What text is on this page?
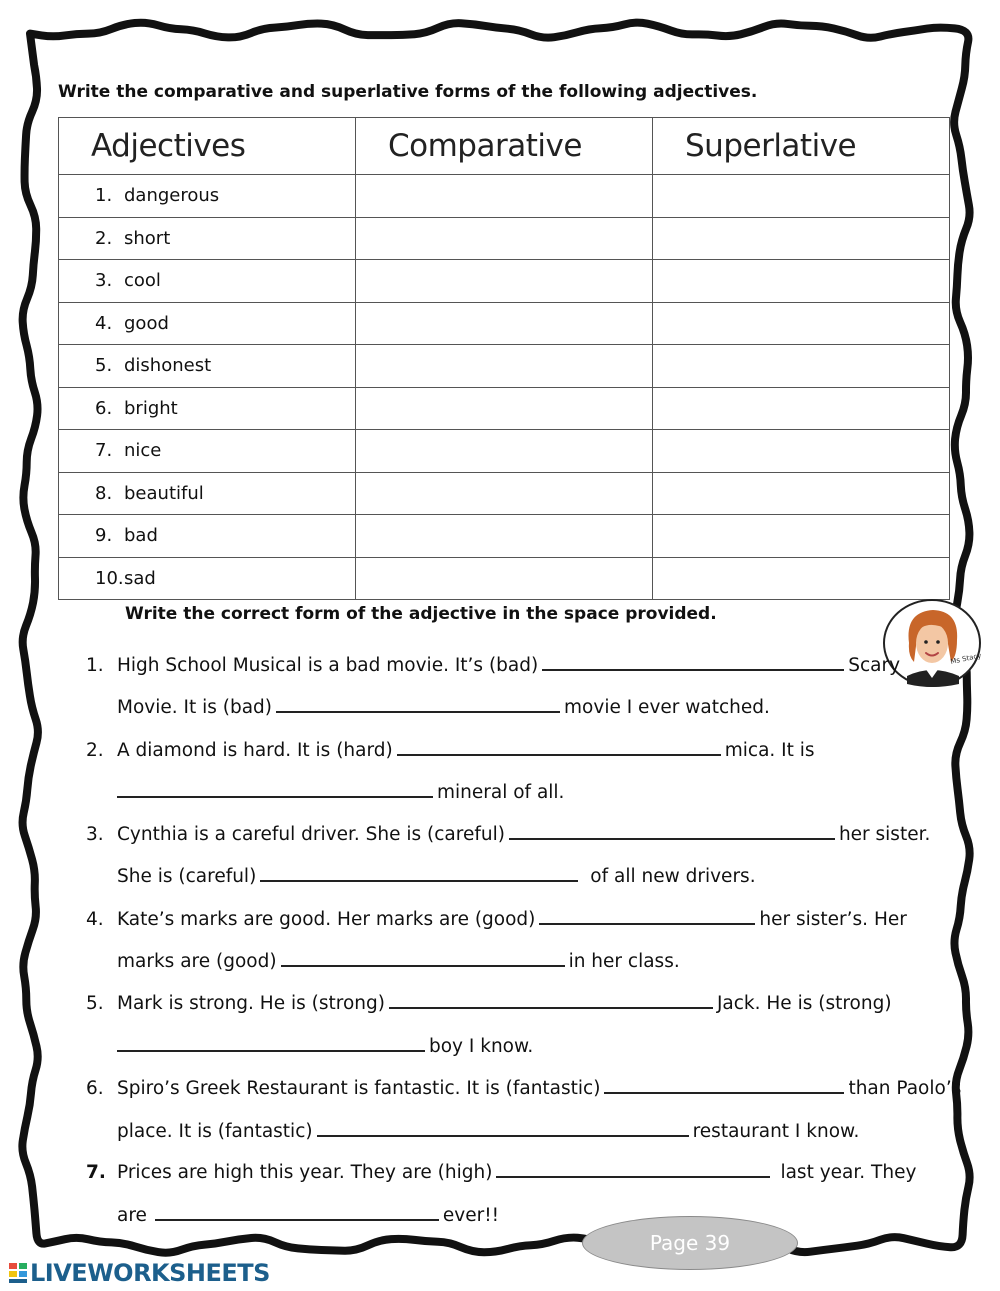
Write the comparative and superlative forms of the following adjectives.
Adjectives	Comparative	Superlative
1. dangerous		
2. short		
3. cool		
4. good		
5. dishonest		
6. bright		
7. nice		
8. beautiful		
9. bad		
10.sad		
Write the correct form of the adjective in the space provided.
Ms Stacy
1. High School Musical is a bad movie. It’s (bad)	Scary
Movie. It is (bad)	movie I ever watched.
2. A diamond is hard. It is (hard)	mica. It is
mineral of all.
3. Cynthia is a careful driver. She is (careful)	her sister.
She is (careful)	of all new drivers.
4. Kate’s marks are good. Her marks are (good)	her sister’s. Her
marks are (good)	in her class.
5. Mark is strong. He is (strong)	Jack. He is (strong)
boy I know.
6. Spiro’s Greek Restaurant is fantastic. It is (fantastic)	than Paolo’s
place. It is (fantastic)	restaurant I know.
7. Prices are high this year. They are (high)	last year. They
are	ever!!
Page 39
LIVEWORKSHEETS
